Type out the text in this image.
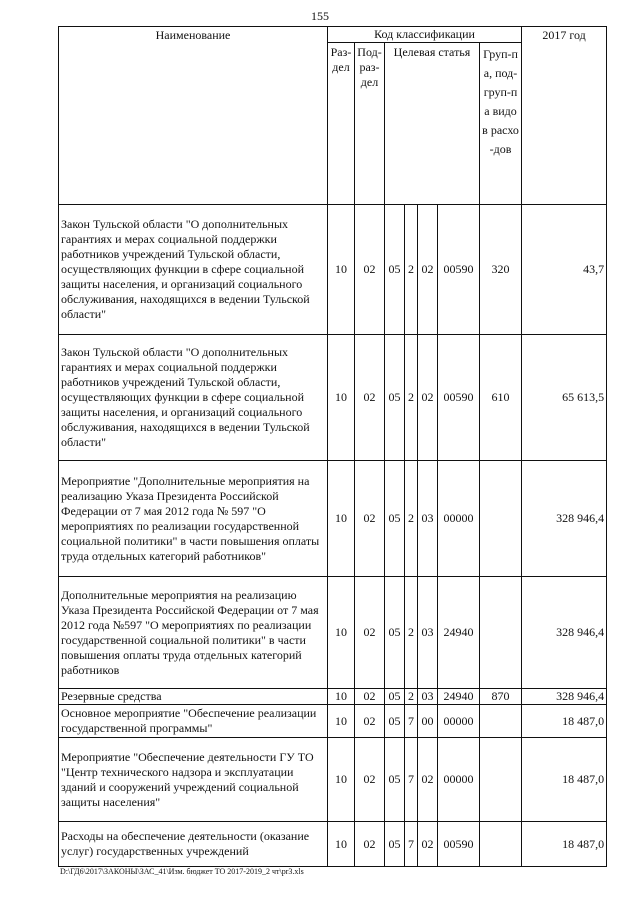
155
Наименование	Код классификации							2017 год
	Раз-дел	Под-раз-дел	Целевая статья				Груп-па, под-груп-па видов расхо-дов	
Закон Тульской области "О дополнительных гарантиях и мерах социальной поддержки работников учреждений Тульской области, осуществляющих функции в сфере социальной защиты населения, и организаций социального обслуживания, находящихся в ведении Тульской области"	10	02	05	2	02	00590	320	43,7
Закон Тульской области "О дополнительных гарантиях и мерах социальной поддержки работников учреждений Тульской области, осуществляющих функции в сфере социальной защиты населения, и организаций социального обслуживания, находящихся в ведении Тульской области"	10	02	05	2	02	00590	610	65 613,5
Мероприятие "Дополнительные мероприятия на реализацию Указа Президента Российской Федерации от 7 мая 2012 года № 597 "О мероприятиях по реализации государственной социальной политики" в части повышения оплаты труда отдельных категорий работников"	10	02	05	2	03	00000		328 946,4
Дополнительные мероприятия на реализацию Указа Президента Российской Федерации от 7 мая 2012 года №597 "О мероприятиях по реализации государственной социальной политики" в части повышения оплаты труда отдельных категорий работников	10	02	05	2	03	24940		328 946,4
Резервные средства	10	02	05	2	03	24940	870	328 946,4
Основное мероприятие "Обеспечение реализации государственной программы"	10	02	05	7	00	00000		18 487,0
Мероприятие "Обеспечение деятельности ГУ ТО "Центр технического надзора и эксплуатации зданий и сооружений учреждений социальной защиты населения"	10	02	05	7	02	00000		18 487,0
Расходы на обеспечение деятельности (оказание услуг) государственных учреждений	10	02	05	7	02	00590		18 487,0
D:\ГД6\2017\ЗАКОНЫ\ЗАС_41\Изм. бюджет ТО 2017-2019_2 чт\pr3.xls
